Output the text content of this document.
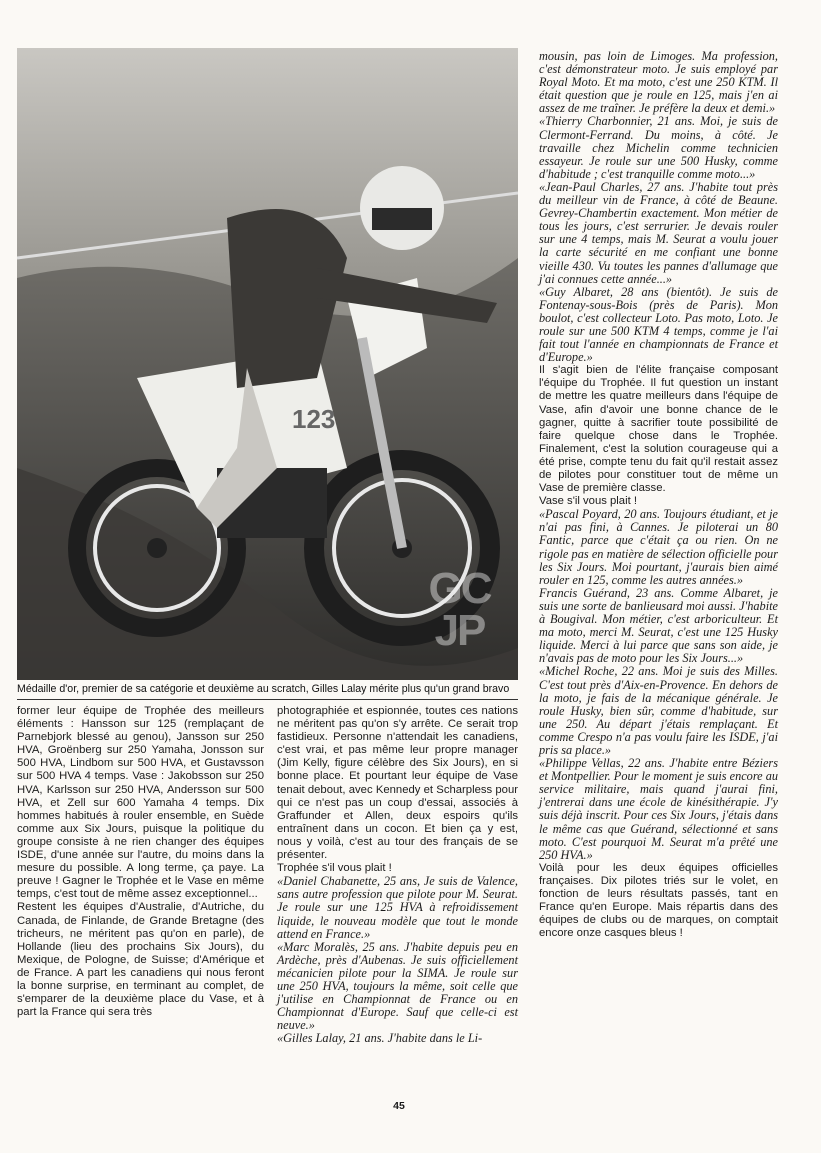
123
GC JP
Médaille d'or, premier de sa catégorie et deuxième au scratch, Gilles Lalay mérite plus qu'un grand bravo

former leur équipe de Trophée des meilleurs éléments : Hansson sur 125 (remplaçant de Parnebjork blessé au genou), Jansson sur 250 HVA, Groënberg sur 250 Yamaha, Jonsson sur 500 HVA, Lindbom sur 500 HVA, et Gustavsson sur 500 HVA 4 temps. Vase : Jakobsson sur 250 HVA, Karlsson sur 250 HVA, Andersson sur 500 HVA, et Zell sur 600 Yamaha 4 temps. Dix hommes habitués à rouler ensemble, en Suède comme aux Six Jours, puisque la politique du groupe consiste à ne rien changer des équipes ISDE, d'une année sur l'autre, du moins dans la mesure du possible. A long terme, ça paye. La preuve ! Gagner le Trophée et le Vase en même temps, c'est tout de même assez exceptionnel...

Restent les équipes d'Australie, d'Autriche, du Canada, de Finlande, de Grande Bretagne (des tricheurs, ne méritent pas qu'on en parle), de Hollande (lieu des prochains Six Jours), du Mexique, de Pologne, de Suisse; d'Amérique et de France. A part les canadiens qui nous feront la bonne surprise, en terminant au complet, de s'emparer de la deuxième place du Vase, et à part la France qui sera très

photographiée et espionnée, toutes ces nations ne méritent pas qu'on s'y arrête. Ce serait trop fastidieux. Personne n'attendait les canadiens, c'est vrai, et pas même leur propre manager (Jim Kelly, figure célèbre des Six Jours), en si bonne place. Et pourtant leur équipe de Vase tenait debout, avec Kennedy et Scharpless pour qui ce n'est pas un coup d'essai, associés à Graffunder et Allen, deux espoirs qu'ils entraînent dans un cocon. Et bien ça y est, nous y voilà, c'est au tour des français de se présenter.

Trophée s'il vous plait !

«Daniel Chabanette, 25 ans, Je suis de Valence, sans autre profession que pilote pour M. Seurat. Je roule sur une 125 HVA à refroidissement liquide, le nouveau modèle que tout le monde attend en France.»

«Marc Moralès, 25 ans. J'habite depuis peu en Ardèche, près d'Aubenas. Je suis officiellement mécanicien pilote pour la SIMA. Je roule sur une 250 HVA, toujours la même, soit celle que j'utilise en Championnat de France ou en Championnat d'Europe. Sauf que celle-ci est neuve.»

«Gilles Lalay, 21 ans. J'habite dans le Li-

mousin, pas loin de Limoges. Ma profession, c'est démonstrateur moto. Je suis employé par Royal Moto. Et ma moto, c'est une 250 KTM. Il était question que je roule en 125, mais j'en ai assez de me traîner. Je préfère la deux et demi.»

«Thierry Charbonnier, 21 ans. Moi, je suis de Clermont-Ferrand. Du moins, à côté. Je travaille chez Michelin comme technicien essayeur. Je roule sur une 500 Husky, comme d'habitude ; c'est tranquille comme moto...»

«Jean-Paul Charles, 27 ans. J'habite tout près du meilleur vin de France, à côté de Beaune. Gevrey-Chambertin exactement. Mon métier de tous les jours, c'est serrurier. Je devais rouler sur une 4 temps, mais M. Seurat a voulu jouer la carte sécurité en me confiant une bonne vieille 430. Vu toutes les pannes d'allumage que j'ai connues cette année...»

«Guy Albaret, 28 ans (bientôt). Je suis de Fontenay-sous-Bois (près de Paris). Mon boulot, c'est collecteur Loto. Pas moto, Loto. Je roule sur une 500 KTM 4 temps, comme je l'ai fait tout l'année en championnats de France et d'Europe.»

Il s'agit bien de l'élite française composant l'équipe du Trophée. Il fut question un instant de mettre les quatre meilleurs dans l'équipe de Vase, afin d'avoir une bonne chance de le gagner, quitte à sacrifier toute possibilité de faire quelque chose dans le Trophée. Finalement, c'est la solution courageuse qui a été prise, compte tenu du fait qu'il restait assez de pilotes pour constituer tout de même un Vase de première classe.

Vase s'il vous plait !

«Pascal Poyard, 20 ans. Toujours étudiant, et je n'ai pas fini, à Cannes. Je piloterai un 80 Fantic, parce que c'était ça ou rien. On ne rigole pas en matière de sélection officielle pour les Six Jours. Moi pourtant, j'aurais bien aimé rouler en 125, comme les autres années.»

Francis Guérand, 23 ans. Comme Albaret, je suis une sorte de banlieusard moi aussi. J'habite à Bougival. Mon métier, c'est arboriculteur. Et ma moto, merci M. Seurat, c'est une 125 Husky liquide. Merci à lui parce que sans son aide, je n'avais pas de moto pour les Six Jours...»

«Michel Roche, 22 ans. Moi je suis des Milles. C'est tout près d'Aix-en-Provence. En dehors de la moto, je fais de la mécanique générale. Je roule Husky, bien sûr, comme d'habitude, sur une 250. Au départ j'étais remplaçant. Et comme Crespo n'a pas voulu faire les ISDE, j'ai pris sa place.»

«Philippe Vellas, 22 ans. J'habite entre Béziers et Montpellier. Pour le moment je suis encore au service militaire, mais quand j'aurai fini, j'entrerai dans une école de kinésithérapie. J'y suis déjà inscrit. Pour ces Six Jours, j'étais dans le même cas que Guérand, sélectionné et sans moto. C'est pourquoi M. Seurat m'a prêté une 250 HVA.»

Voilà pour les deux équipes officielles françaises. Dix pilotes triés sur le volet, en fonction de leurs résultats passés, tant en France qu'en Europe. Mais répartis dans des équipes de clubs ou de marques, on comptait encore onze casques bleus !

45
